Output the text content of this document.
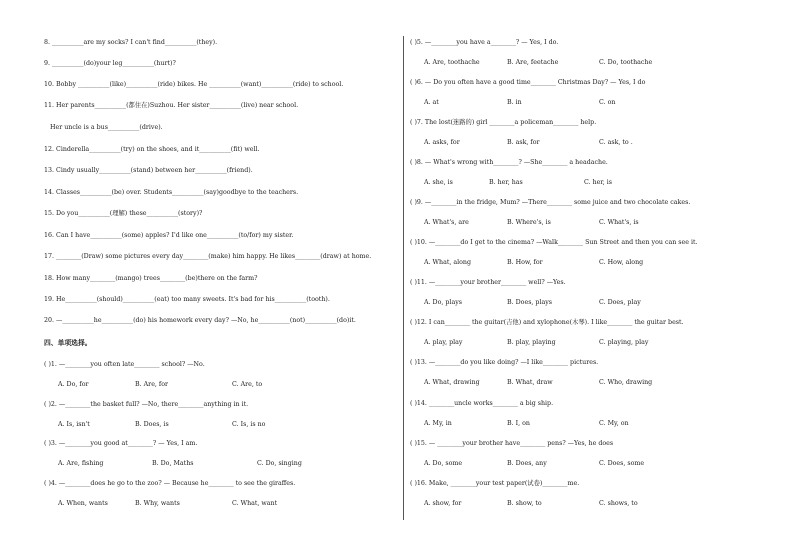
8. __________are my socks? I can't find__________(they).
9. __________(do)your leg__________(hurt)?
10. Bobby __________(like)__________(ride) bikes. He __________(want)__________(ride) to school.
11. Her parents__________(都住在)Suzhou. Her sister__________(live) near school.
Her uncle is a bus__________(drive).
12. Cinderella__________(try) on the shoes, and it__________(fit) well.
13. Cindy usually__________(stand) between her__________(friend).
14. Classes__________(be) over. Students__________(say)goodbye to the teachers.
15. Do you__________(理解) these__________(story)?
16. Can I have__________(some) apples? I'd like one__________(to/for) my sister.
17. ________(Draw) some pictures every day________(make) him happy. He likes________(draw) at home.
18. How many________(mango) trees________(be)there on the farm?
19. He__________(should)__________(eat) too many sweets. It's bad for his__________(tooth).
20. —__________he__________(do) his homework every day? —No, he__________(not)__________(do)it.
四、单项选择。
( )1. —________you often late________ school? —No.
A. Do, for	B. Are, for	C. Are, to
( )2. —________the basket full? —No, there________anything in it.
A. Is, isn't	B. Does, is	C. Is, is no
( )3. —________you good at________? — Yes, I am.
A. Are, fishing	B. Do, Maths	C. Do, singing
( )4. —________does he go to the zoo? — Because he________ to see the giraffes.
A. When, wants	B. Why, wants	C. What, want
( )5. —________you have a________? — Yes, I do.
A. Are, toothache	B. Are, feetache	C. Do, toothache
( )6. — Do you often have a good time________ Christmas Day? — Yes, I do
A. at	B. in	C. on
( )7. The lost(迷路的) girl ________a policeman________ help.
A. asks, for	B. ask, for	C. ask, to .
( )8. — What's wrong with________? —She________ a headache.
A. she, is	B. her, has	C. her, is
( )9. —________in the fridge, Mum? —There________ some juice and two chocolate cakes.
A. What's, are	B. Where's, is	C. What's, is
( )10. —________do I get to the cinema? —Walk________ Sun Street and then you can see it.
A. What, along	B. How, for	C. How, along
( )11. —________your brother________ well? —Yes.
A. Do, plays	B. Does, plays	C. Does, play
( )12. I can________ the guitar(吉他) and xylophone(木琴). I like________ the guitar best.
A. play, play	B. play, playing	C. playing, play
( )13. —________do you like doing? —I like________ pictures.
A. What, drawing	B. What, draw	C. Who, drawing
( )14. ________uncle works________ a big ship.
A. My, in	B. I, on	C. My, on
( )15. — ________your brother have________ pens? —Yes, he does
A. Do, some	B. Does, any	C. Does, some
( )16. Make, ________your test paper(试卷)________me.
A. show, for	B. show, to	C. shows, to
